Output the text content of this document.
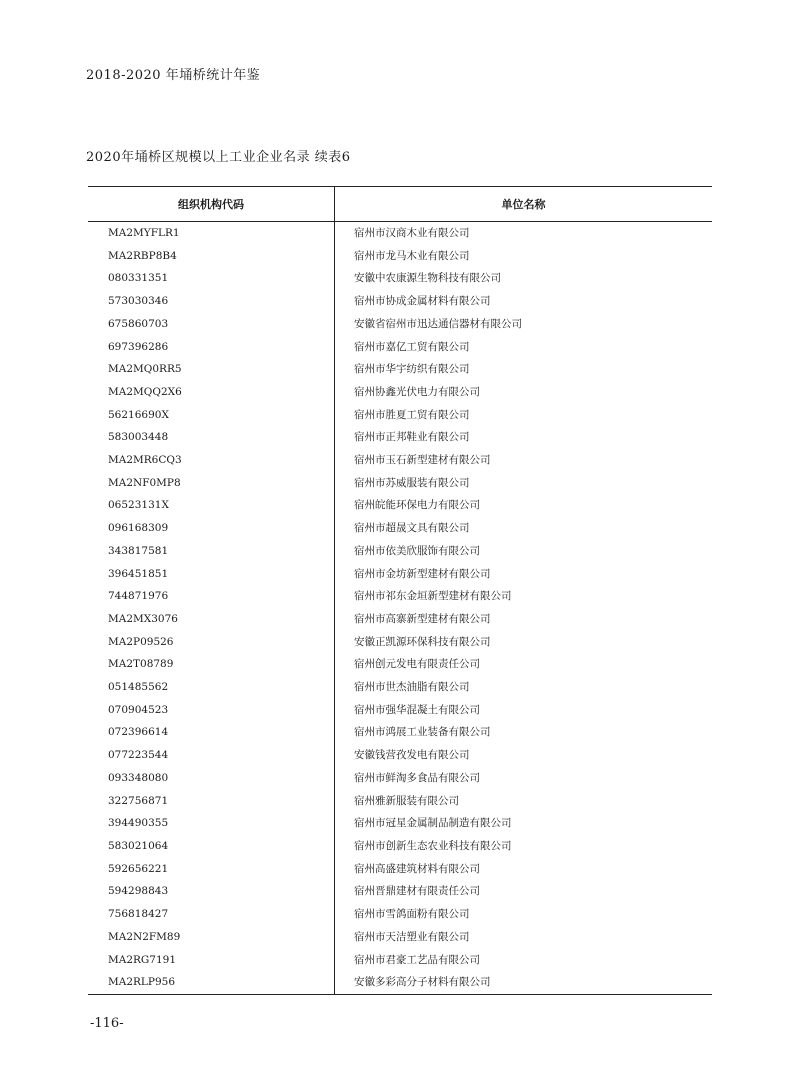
2018-2020 年埇桥统计年鉴
2020年埇桥区规模以上工业企业名录 续表6
组织机构代码	单位名称
MA2MYFLR1	宿州市汉商木业有限公司
MA2RBP8B4	宿州市龙马木业有限公司
080331351	安徽中农康源生物科技有限公司
573030346	宿州市协成金属材料有限公司
675860703	安徽省宿州市迅达通信器材有限公司
697396286	宿州市嘉亿工贸有限公司
MA2MQ0RR5	宿州市华宇纺织有限公司
MA2MQQ2X6	宿州协鑫光伏电力有限公司
56216690X	宿州市胜夏工贸有限公司
583003448	宿州市正邦鞋业有限公司
MA2MR6CQ3	宿州市玉石新型建材有限公司
MA2NF0MP8	宿州市苏威服装有限公司
06523131X	宿州皖能环保电力有限公司
096168309	宿州市超晟文具有限公司
343817581	宿州市依美欣服饰有限公司
396451851	宿州市金坊新型建材有限公司
744871976	宿州市祁东金垣新型建材有限公司
MA2MX3076	宿州市高寨新型建材有限公司
MA2P09526	安徽正凯源环保科技有限公司
MA2T08789	宿州创元发电有限责任公司
051485562	宿州市世杰油脂有限公司
070904523	宿州市强华混凝土有限公司
072396614	宿州市鸿展工业装备有限公司
077223544	安徽钱营孜发电有限公司
093348080	宿州市鲜淘多食品有限公司
322756871	宿州雅新服装有限公司
394490355	宿州市冠星金属制品制造有限公司
583021064	宿州市创新生态农业科技有限公司
592656221	宿州高盛建筑材料有限公司
594298843	宿州晋鼎建材有限责任公司
756818427	宿州市雪鸽面粉有限公司
MA2N2FM89	宿州市天洁塑业有限公司
MA2RG7191	宿州市君豪工艺品有限公司
MA2RLP956	安徽多彩高分子材料有限公司
-116-
